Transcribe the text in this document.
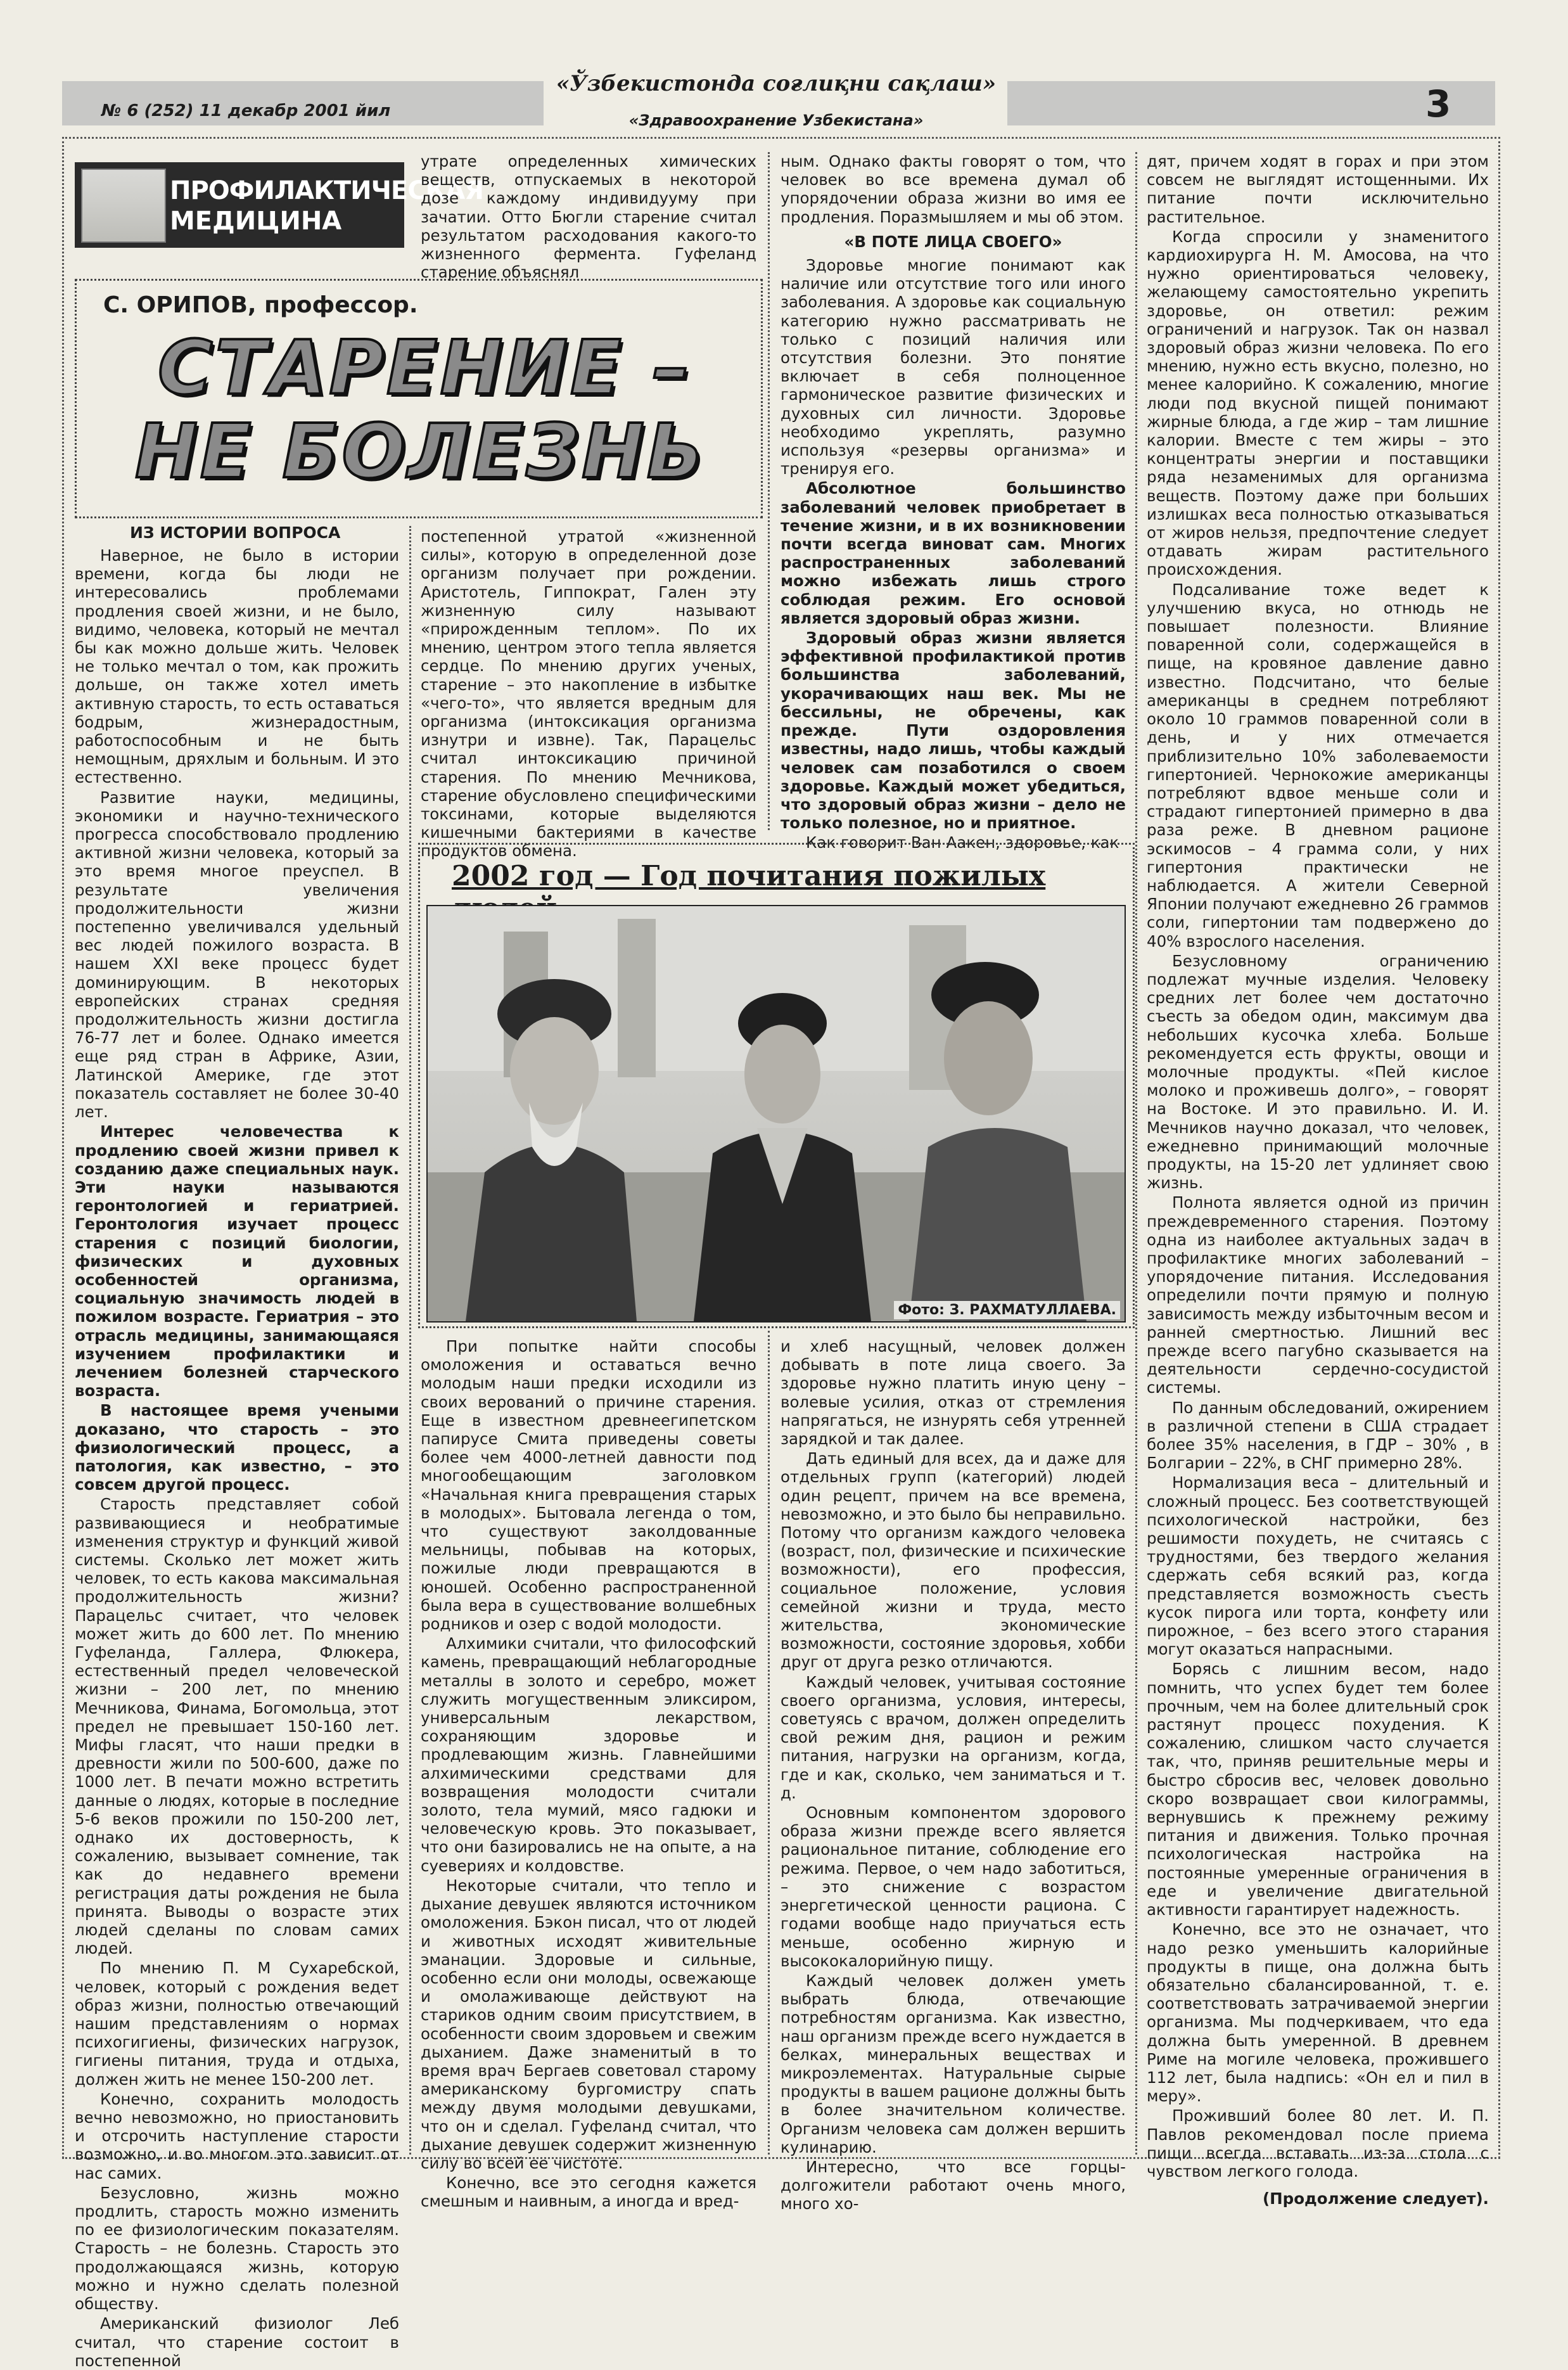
№ 6 (252) 11 декабр 2001 йил
«Ўзбекистонда соғлиқни сақлаш»
«Здравоохранение Узбекистана»	3
ПРОФИЛАКТИЧЕСКАЯ
МЕДИЦИНА
С. ОРИПОВ, профессор.
СТАРЕНИЕ –
НЕ БОЛЕЗНЬ
ИЗ ИСТОРИИ ВОПРОСА

утрате определенных химических веществ, отпускаемых в некоторой дозе каждому индивидууму при зачатии. Отто Бюгли старение считал результатом расходования какого-то жизненного фермента. Гуфеланд старение объяснял

Наверное, не было в истории времени, когда бы люди не интересовались проблемами продления своей жизни, и не было, видимо, человека, который не мечтал бы как можно дольше жить. Человек не только мечтал о том, как прожить дольше, он также хотел иметь активную старость, то есть оставаться бодрым, жизнерадостным, работоспособным и не быть немощным, дряхлым и больным. И это естественно.

Развитие науки, медицины, экономики и научно-технического прогресса способствовало продлению активной жизни человека, который за это время многое преуспел. В результате увеличения продолжительности жизни постепенно увеличивался удельный вес людей пожилого возраста. В нашем XXI веке процесс будет доминирующим. В некоторых европейских странах средняя продолжительность жизни достигла 76-77 лет и более. Однако имеется еще ряд стран в Африке, Азии, Латинской Америке, где этот показатель составляет не более 30-40 лет.

Интерес человечества к продлению своей жизни привел к созданию даже специальных наук. Эти науки называются геронтологией и гериатрией. Геронтология изучает процесс старения с позиций биологии, физических и духовных особенностей организма, социальную значимость людей в пожилом возрасте. Гериатрия – это отрасль медицины, занимающаяся изучением профилактики и лечением болезней старческого возраста.

В настоящее время учеными доказано, что старость – это физиологический процесс, а патология, как известно, – это совсем другой процесс.

Старость представляет собой развивающиеся и необратимые изменения структур и функций живой системы. Сколько лет может жить человек, то есть какова максимальная продолжительность жизни? Парацельс считает, что человек может жить до 600 лет. По мнению Гуфеланда, Галлера, Флюкера, естественный предел человеческой жизни – 200 лет, по мнению Мечникова, Финама, Богомольца, этот предел не превышает 150-160 лет. Мифы гласят, что наши предки в древности жили по 500-600, даже по 1000 лет. В печати можно встретить данные о людях, которые в последние 5-6 веков прожили по 150-200 лет, однако их достоверность, к сожалению, вызывает сомнение, так как до недавнего времени регистрация даты рождения не была принята. Выводы о возрасте этих людей сделаны по словам самих людей.

По мнению П. М Сухаребской, человек, который с рождения ведет образ жизни, полностью отвечающий нашим представлениям о нормах психогигиены, физических нагрузок, гигиены питания, труда и отдыха, должен жить не менее 150-200 лет.

Конечно, сохранить молодость вечно невозможно, но приостановить и отсрочить наступление старости возможно, и во многом это зависит от нас самих.

Безусловно, жизнь можно продлить, старость можно изменить по ее физиологическим показателям. Старость – не болезнь. Старость это продолжающаяся жизнь, которую можно и нужно сделать полезной обществу.

Американский физиолог Леб считал, что старение состоит в постепенной

постепенной утратой «жизненной силы», которую в определенной дозе организм получает при рождении. Аристотель, Гиппократ, Гален эту жизненную силу называют «прирожденным теплом». По их мнению, центром этого тепла является сердце. По мнению других ученых, старение – это накопление в избытке «чего-то», что является вредным для организма (интоксикация организма изнутри и извне). Так, Парацельс считал интоксикацию причиной старения. По мнению Мечникова, старение обусловлено специфическими токсинами, которые выделяются кишечными бактериями в качестве продуктов обмена.

ным. Однако факты говорят о том, что человек во все времена думал об упорядочении образа жизни во имя ее продления. Поразмышляем и мы об этом.

«В ПОТЕ ЛИЦА СВОЕГО»

Здоровье многие понимают как наличие или отсутствие того или иного заболевания. А здоровье как социальную категорию нужно рассматривать не только с позиций наличия или отсутствия болезни. Это понятие включает в себя полноценное гармоническое развитие физических и духовных сил личности. Здоровье необходимо укреплять, разумно используя «резервы организма» и тренируя его.

Абсолютное большинство заболеваний человек приобретает в течение жизни, и в их возникновении почти всегда виноват сам. Многих распространенных заболеваний можно избежать лишь строго соблюдая режим. Его основой является здоровый образ жизни.

Здоровый образ жизни является эффективной профилактикой против большинства заболеваний, укорачивающих наш век. Мы не бессильны, не обречены, как прежде. Пути оздоровления известны, надо лишь, чтобы каждый человек сам позаботился о своем здоровье. Каждый может убедиться, что здоровый образ жизни – дело не только полезное, но и приятное.

Как говорит Ван Аакен, здоровье, как

2002 год — Год почитания пожилых
Фото: З. РАХМАТУЛЛАЕВА.

При попытке найти способы омоложения и оставаться вечно молодым наши предки исходили из своих верований о причине старения. Еще в известном древнеегипетском папирусе Смита приведены советы более чем 4000-летней давности под многообещающим заголовком «Начальная книга превращения старых в молодых». Бытовала легенда о том, что существуют заколдованные мельницы, побывав на которых, пожилые люди превращаются в юношей. Особенно распространенной была вера в существование волшебных родников и озер с водой молодости.

Алхимики считали, что философский камень, превращающий неблагородные металлы в золото и серебро, может служить могущественным эликсиром, универсальным лекарством, сохраняющим здоровье и продлевающим жизнь. Главнейшими алхимическими средствами для возвращения молодости считали золото, тела мумий, мясо гадюки и человеческую кровь. Это показывает, что они базировались не на опыте, а на суевериях и колдовстве.

Некоторые считали, что тепло и дыхание девушек являются источником омоложения. Бэкон писал, что от людей и животных исходят живительные эманации. Здоровые и сильные, особенно если они молоды, освежающе и омолаживающе действуют на стариков одним своим присутствием, в особенности своим здоровьем и свежим дыханием. Даже знаменитый в то время врач Бергаев советовал старому американскому бургомистру спать между двумя молодыми девушками, что он и сделал. Гуфеланд считал, что дыхание девушек содержит жизненную силу во всей ее чистоте.

Конечно, все это сегодня кажется смешным и наивным, а иногда и вред-

и хлеб насущный, человек должен добывать в поте лица своего. За здоровье нужно платить иную цену – волевые усилия, отказ от стремления напрягаться, не изнурять себя утренней зарядкой и так далее.

Дать единый для всех, да и даже для отдельных групп (категорий) людей один рецепт, причем на все времена, невозможно, и это было бы неправильно. Потому что организм каждого человека (возраст, пол, физические и психические возможности), его профессия, социальное положение, условия семейной жизни и труда, место жительства, экономические возможности, состояние здоровья, хобби друг от друга резко отличаются.

Каждый человек, учитывая состояние своего организма, условия, интересы, советуясь с врачом, должен определить свой режим дня, рацион и режим питания, нагрузки на организм, когда, где и как, сколько, чем заниматься и т. д.

Основным компонентом здорового образа жизни прежде всего является рациональное питание, соблюдение его режима. Первое, о чем надо заботиться, – это снижение с возрастом энергетической ценности рациона. С годами вообще надо приучаться есть меньше, особенно жирную и высококалорийную пищу.

Каждый человек должен уметь выбрать блюда, отвечающие потребностям организма. Как известно, наш организм прежде всего нуждается в белках, минеральных веществах и микроэлементах. Натуральные сырые продукты в вашем рационе должны быть в более значительном количестве. Организм человека сам должен вершить кулинарию.

Интересно, что все горцы-долгожители работают очень много, много хо-

дят, причем ходят в горах и при этом совсем не выглядят истощенными. Их питание почти исключительно растительное.

Когда спросили у знаменитого кардиохирурга Н. М. Амосова, на что нужно ориентироваться человеку, желающему самостоятельно укрепить здоровье, он ответил: режим ограничений и нагрузок. Так он назвал здоровый образ жизни человека. По его мнению, нужно есть вкусно, полезно, но менее калорийно. К сожалению, многие люди под вкусной пищей понимают жирные блюда, а где жир – там лишние калории. Вместе с тем жиры – это концентраты энергии и поставщики ряда незаменимых для организма веществ. Поэтому даже при больших излишках веса полностью отказываться от жиров нельзя, предпочтение следует отдавать жирам растительного происхождения.

Подсаливание тоже ведет к улучшению вкуса, но отнюдь не повышает полезности. Влияние поваренной соли, содержащейся в пище, на кровяное давление давно известно. Подсчитано, что белые американцы в среднем потребляют около 10 граммов поваренной соли в день, и у них отмечается приблизительно 10% заболеваемости гипертонией. Чернокожие американцы потребляют вдвое меньше соли и страдают гипертонией примерно в два раза реже. В дневном рационе эскимосов – 4 грамма соли, у них гипертония практически не наблюдается. А жители Северной Японии получают ежедневно 26 граммов соли, гипертонии там подвержено до 40% взрослого населения.

Безусловному ограничению подлежат мучные изделия. Человеку средних лет более чем достаточно съесть за обедом один, максимум два небольших кусочка хлеба. Больше рекомендуется есть фрукты, овощи и молочные продукты. «Пей кислое молоко и проживешь долго», – говорят на Востоке. И это правильно. И. И. Мечников научно доказал, что человек, ежедневно принимающий молочные продукты, на 15-20 лет удлиняет свою жизнь.

Полнота является одной из причин преждевременного старения. Поэтому одна из наиболее актуальных задач в профилактике многих заболеваний – упорядочение питания. Исследования определили почти прямую и полную зависимость между избыточным весом и ранней смертностью. Лишний вес прежде всего пагубно сказывается на деятельности сердечно-сосудистой системы.

По данным обследований, ожирением в различной степени в США страдает более 35% населения, в ГДР – 30% , в Болгарии – 22%, в СНГ примерно 28%.

Нормализация веса – длительный и сложный процесс. Без соответствующей психологической настройки, без решимости похудеть, не считаясь с трудностями, без твердого желания сдержать себя всякий раз, когда представляется возможность съесть кусок пирога или торта, конфету или пирожное, – без всего этого старания могут оказаться напрасными.

Борясь с лишним весом, надо помнить, что успех будет тем более прочным, чем на более длительный срок растянут процесс похудения. К сожалению, слишком часто случается так, что, приняв решительные меры и быстро сбросив вес, человек довольно скоро возвращает свои килограммы, вернувшись к прежнему режиму питания и движения. Только прочная психологическая настройка на постоянные умеренные ограничения в еде и увеличение двигательной активности гарантирует надежность.

Конечно, все это не означает, что надо резко уменьшить калорийные продукты в пище, она должна быть обязательно сбалансированной, т. е. соответствовать затрачиваемой энергии организма. Мы подчеркиваем, что еда должна быть умеренной. В древнем Риме на могиле человека, прожившего 112 лет, была надпись: «Он ел и пил в меру».

Проживший более 80 лет. И. П. Павлов рекомендовал после приема пищи всегда вставать из-за стола с чувством легкого голода.

(Продолжение следует).
